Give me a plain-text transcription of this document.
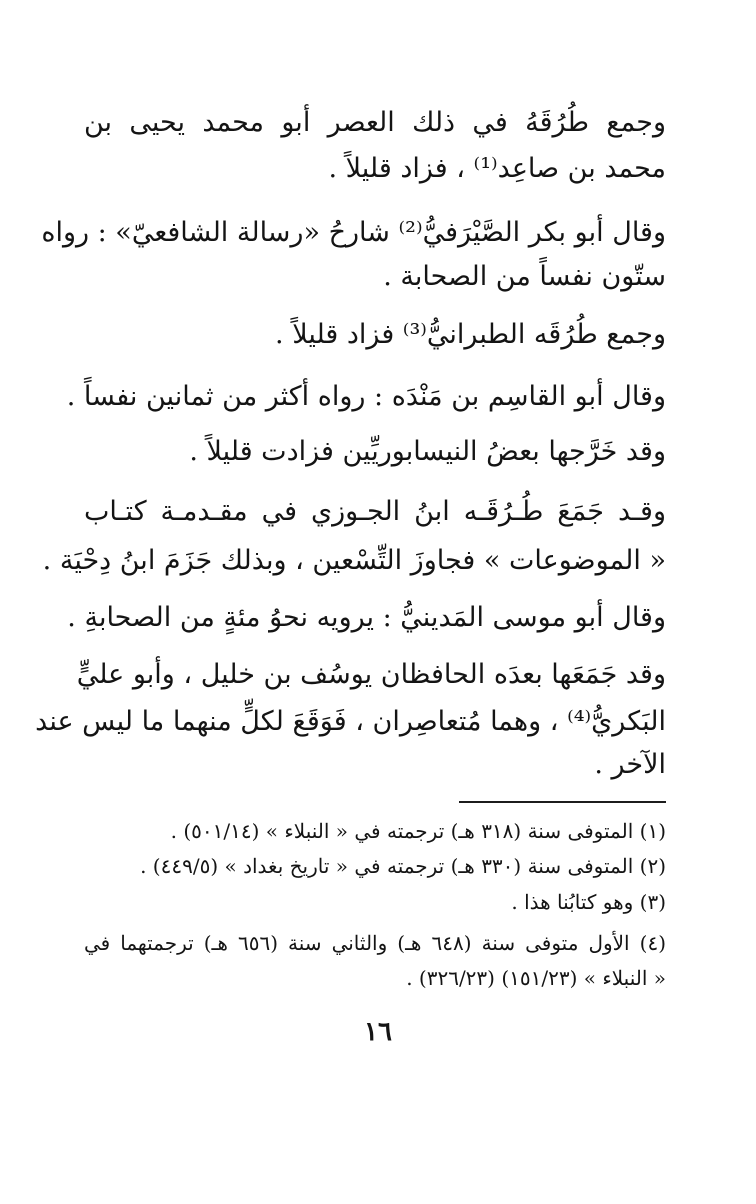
وجمع طُرُقَهُ في ذلك العصر أبو محمد يحيى بن
محمد بن صاعِد⁽¹⁾ ، فزاد قليلاً .
وقال أبو بكر الصَّيْرَفيُّ⁽²⁾ شارحُ «رسالة الشافعيّ» : رواه
ستّون نفساً من الصحابة .
وجمع طُرُقَه الطبرانيُّ⁽³⁾ فزاد قليلاً .
وقال أبو القاسِم بن مَنْدَه : رواه أكثر من ثمانين نفساً .
وقد خَرَّجها بعضُ النيسابوريِّين فزادت قليلاً .
وقـد جَمَعَ طُـرُقَـه ابنُ الجـوزي في مقـدمـة كتـاب
« الموضوعات » فجاوزَ التِّسْعين ، وبذلك جَزَمَ ابنُ دِحْيَة .
وقال أبو موسى المَدينيُّ : يرويه نحوُ مئةٍ من الصحابةِ .
وقد جَمَعَها بعدَه الحافظان يوسُف بن خليل ، وأبو عليٍّ
البَكريُّ⁽⁴⁾ ، وهما مُتعاصِران ، فَوَقَعَ لكلٍّ منهما ما ليس عند
الآخر .
(١) المتوفى سنة (٣١٨ هـ) ترجمته في « النبلاء » (٥٠١/١٤) .
(٢) المتوفى سنة (٣٣٠ هـ) ترجمته في « تاريخ بغداد » (٤٤٩/٥) .
(٣) وهو كتابُنا هذا .
(٤) الأول متوفى سنة (٦٤٨ هـ) والثاني سنة (٦٥٦ هـ) ترجمتهما في
« النبلاء » (١٥١/٢٣) (٣٢٦/٢٣) .
١٦
